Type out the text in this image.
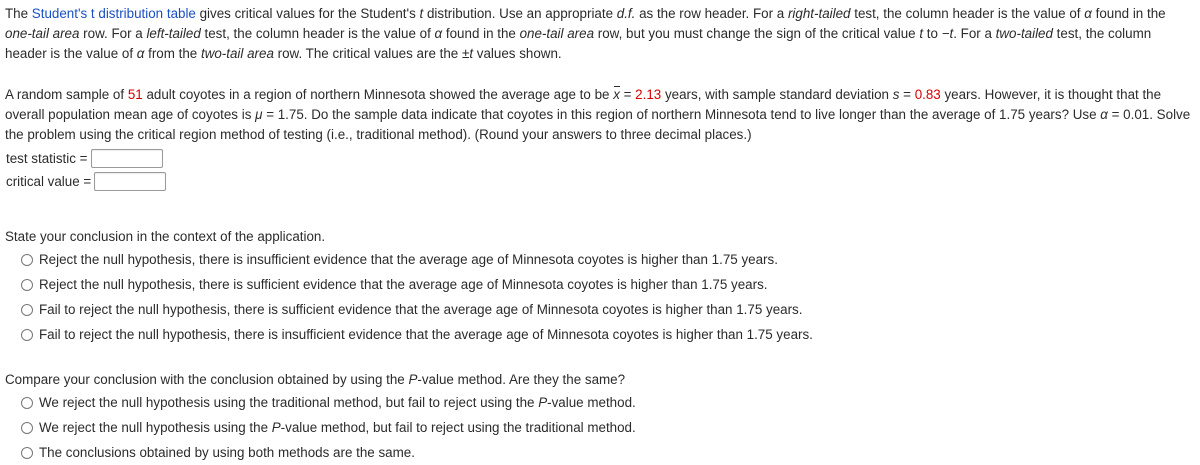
The Student's t distribution table gives critical values for the Student's t distribution. Use an appropriate d.f. as the row header. For a right-tailed test, the column header is the value of α found in the one-tail area row. For a left-tailed test, the column header is the value of α found in the one-tail area row, but you must change the sign of the critical value t to −t. For a two-tailed test, the column header is the value of α from the two-tail area row. The critical values are the ±t values shown.

A random sample of 51 adult coyotes in a region of northern Minnesota showed the average age to be x = 2.13 years, with sample standard deviation s = 0.83 years. However, it is thought that the overall population mean age of coyotes is μ = 1.75. Do the sample data indicate that coyotes in this region of northern Minnesota tend to live longer than the average of 1.75 years? Use α = 0.01. Solve the problem using the critical region method of testing (i.e., traditional method). (Round your answers to three decimal places.)

test statistic =
critical value =

State your conclusion in the context of the application.

Reject the null hypothesis, there is insufficient evidence that the average age of Minnesota coyotes is higher than 1.75 years.
Reject the null hypothesis, there is sufficient evidence that the average age of Minnesota coyotes is higher than 1.75 years.
Fail to reject the null hypothesis, there is sufficient evidence that the average age of Minnesota coyotes is higher than 1.75 years.
Fail to reject the null hypothesis, there is insufficient evidence that the average age of Minnesota coyotes is higher than 1.75 years.

Compare your conclusion with the conclusion obtained by using the P-value method. Are they the same?

We reject the null hypothesis using the traditional method, but fail to reject using the P-value method.
We reject the null hypothesis using the P-value method, but fail to reject using the traditional method.
The conclusions obtained by using both methods are the same.
